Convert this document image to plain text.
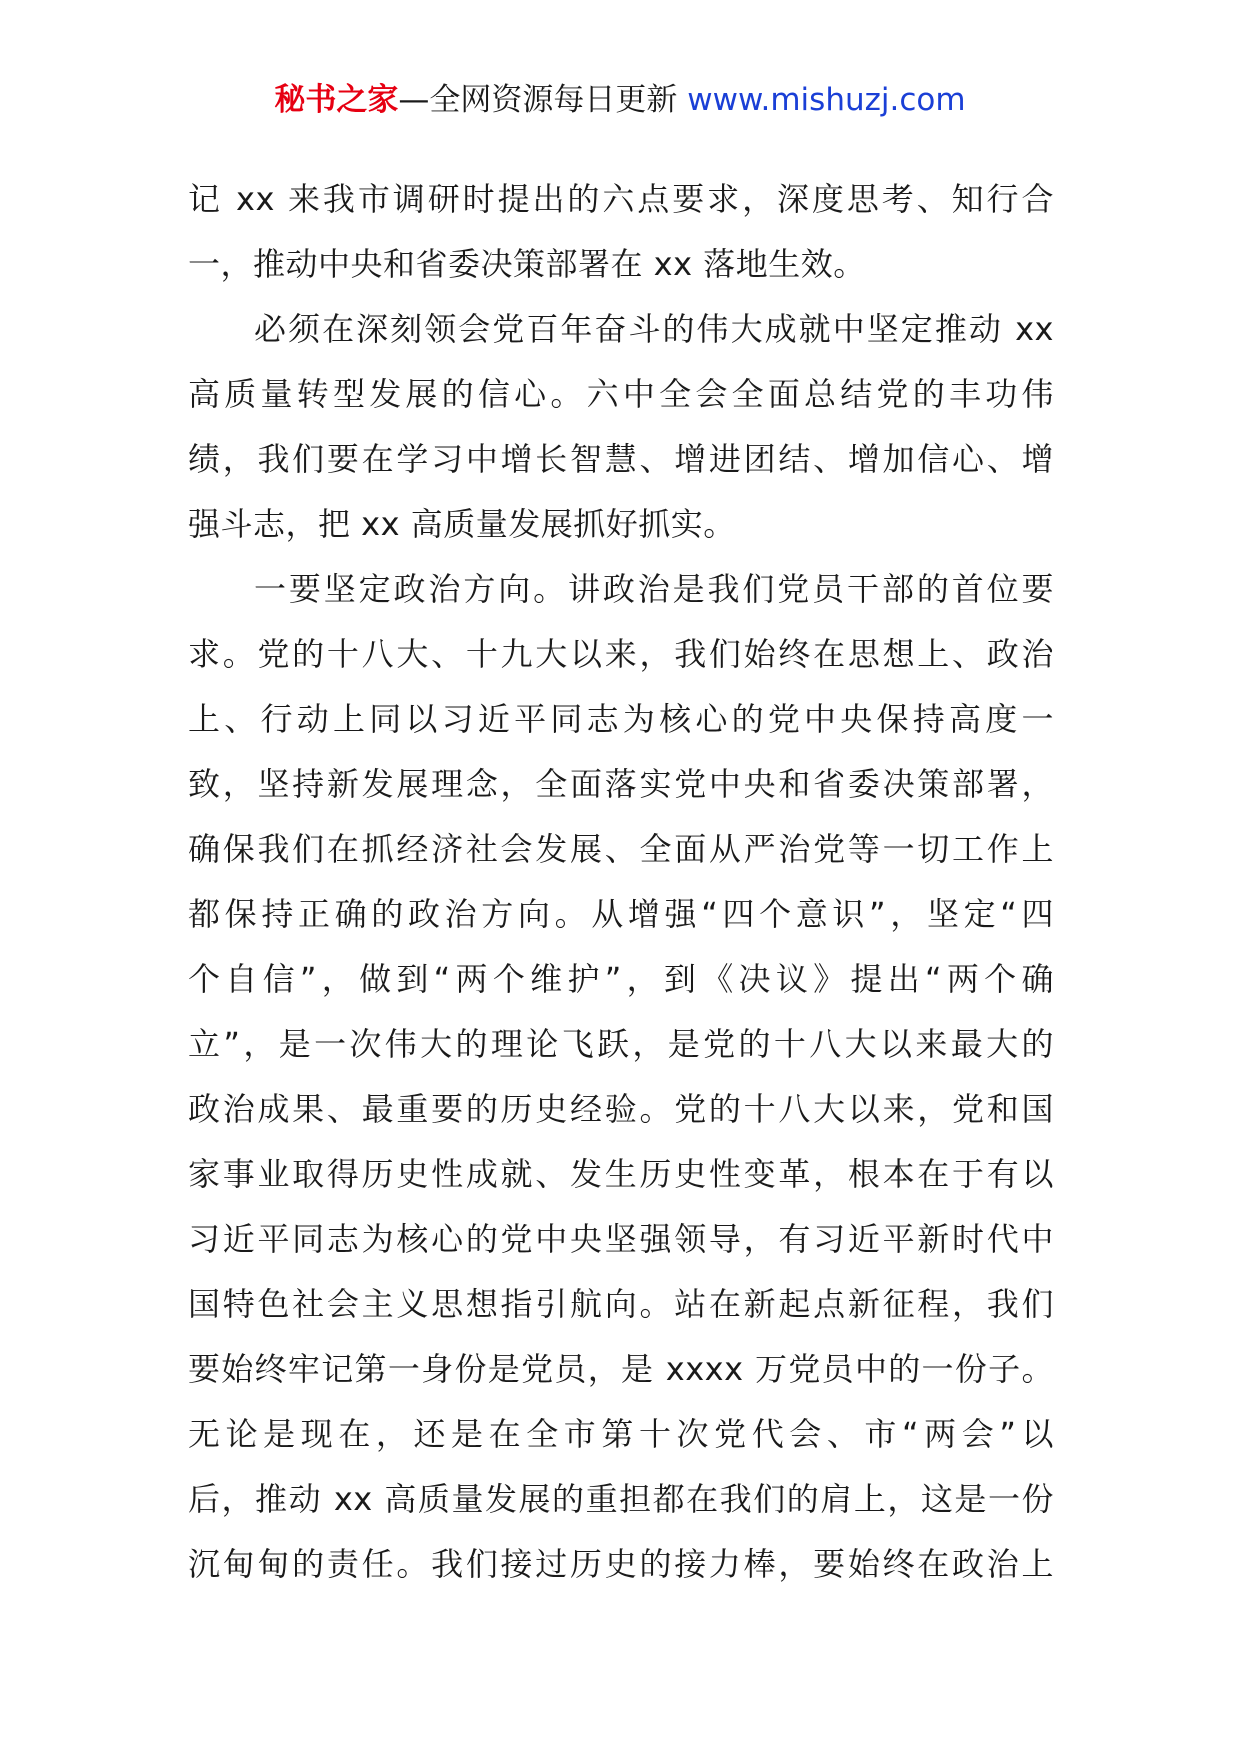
秘书之家—全网资源每日更新 www.mishuzj.com
记 xx 来我市调研时提出的六点要求，深度思考、知行合
一，推动中央和省委决策部署在 xx 落地生效。
必须在深刻领会党百年奋斗的伟大成就中坚定推动 xx
高质量转型发展的信心。六中全会全面总结党的丰功伟
绩，我们要在学习中增长智慧、增进团结、增加信心、增
强斗志，把 xx 高质量发展抓好抓实。
一要坚定政治方向。讲政治是我们党员干部的首位要
求。党的十八大、十九大以来，我们始终在思想上、政治
上、行动上同以习近平同志为核心的党中央保持高度一
致，坚持新发展理念，全面落实党中央和省委决策部署，
确保我们在抓经济社会发展、全面从严治党等一切工作上
都保持正确的政治方向。从增强“四个意识”，坚定“四
个自信”，做到“两个维护”，到《决议》提出“两个确
立”，是一次伟大的理论飞跃，是党的十八大以来最大的
政治成果、最重要的历史经验。党的十八大以来，党和国
家事业取得历史性成就、发生历史性变革，根本在于有以
习近平同志为核心的党中央坚强领导，有习近平新时代中
国特色社会主义思想指引航向。站在新起点新征程，我们
要始终牢记第一身份是党员，是 xxxx 万党员中的一份子。
无论是现在，还是在全市第十次党代会、市“两会”以
后，推动 xx 高质量发展的重担都在我们的肩上，这是一份
沉甸甸的责任。我们接过历史的接力棒，要始终在政治上
